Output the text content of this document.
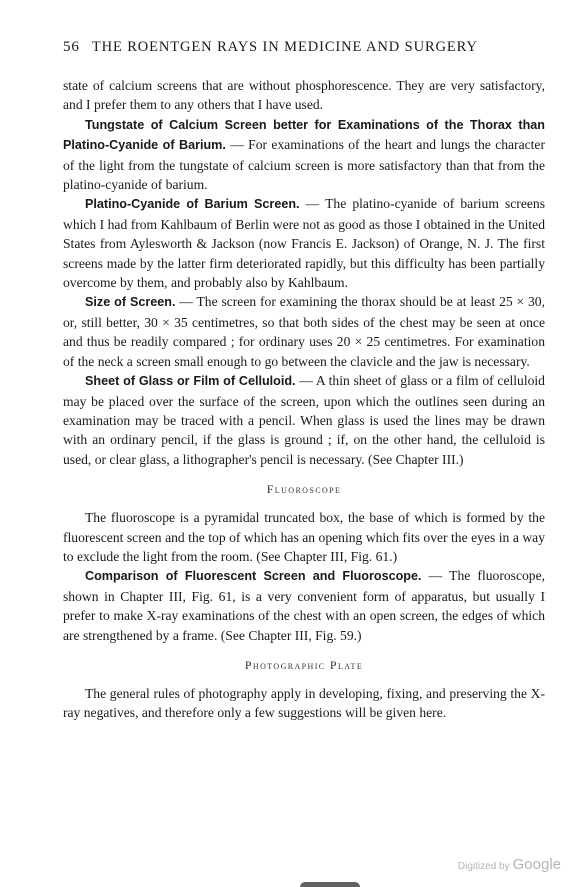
56 THE ROENTGEN RAYS IN MEDICINE AND SURGERY

state of calcium screens that are without phosphorescence. They are very satisfactory, and I prefer them to any others that I have used.

Tungstate of Calcium Screen better for Examinations of the Thorax than Platino-Cyanide of Barium. — For examinations of the heart and lungs the character of the light from the tungstate of calcium screen is more satisfactory than that from the platino-cyanide of barium.

Platino-Cyanide of Barium Screen. — The platino-cyanide of barium screens which I had from Kahlbaum of Berlin were not as good as those I obtained in the United States from Aylesworth & Jackson (now Francis E. Jackson) of Orange, N. J. The first screens made by the latter firm deteriorated rapidly, but this difficulty has been partially overcome by them, and probably also by Kahlbaum.

Size of Screen. — The screen for examining the thorax should be at least 25 × 30, or, still better, 30 × 35 centimetres, so that both sides of the chest may be seen at once and thus be readily compared ; for ordinary uses 20 × 25 centimetres. For examination of the neck a screen small enough to go between the clavicle and the jaw is necessary.

Sheet of Glass or Film of Celluloid. — A thin sheet of glass or a film of celluloid may be placed over the surface of the screen, upon which the outlines seen during an examination may be traced with a pencil. When glass is used the lines may be drawn with an ordinary pencil, if the glass is ground ; if, on the other hand, the celluloid is used, or clear glass, a lithographer's pencil is necessary. (See Chapter III.)

Fluoroscope

The fluoroscope is a pyramidal truncated box, the base of which is formed by the fluorescent screen and the top of which has an opening which fits over the eyes in a way to exclude the light from the room. (See Chapter III, Fig. 61.)

Comparison of Fluorescent Screen and Fluoroscope. — The fluoroscope, shown in Chapter III, Fig. 61, is a very convenient form of apparatus, but usually I prefer to make X-ray examinations of the chest with an open screen, the edges of which are strengthened by a frame. (See Chapter III, Fig. 59.)

Photographic Plate

The general rules of photography apply in developing, fixing, and preserving the X-ray negatives, and therefore only a few suggestions will be given here.

Digitized by Google
